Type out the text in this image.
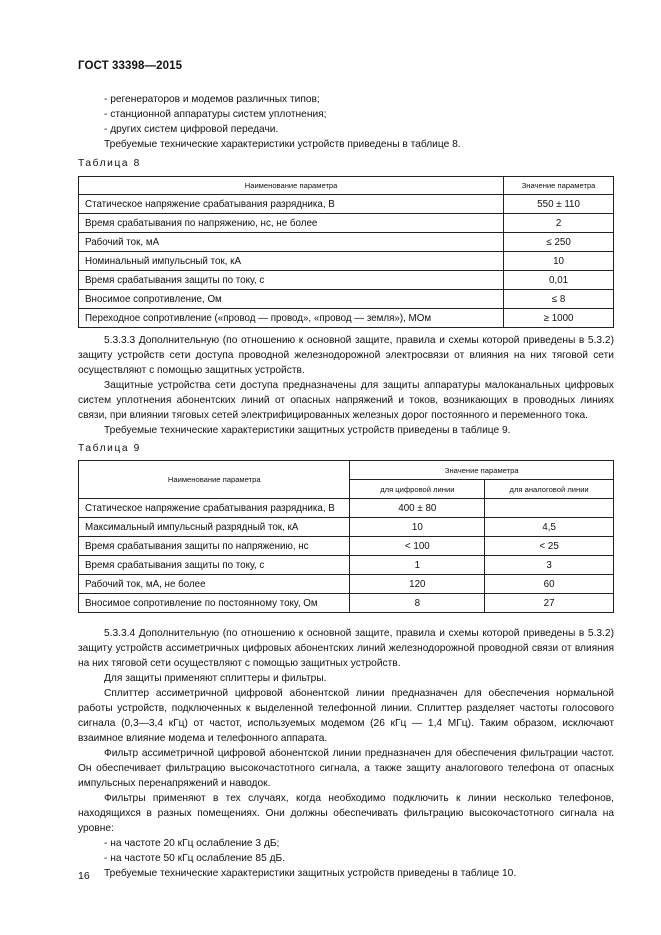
ГОСТ 33398—2015

- регенераторов и модемов различных типов;

- станционной аппаратуры систем уплотнения;

- других систем цифровой передачи.

Требуемые технические характеристики устройств приведены в таблице 8.

Таблица 8
Наименование параметра	Значение параметра
Статическое напряжение срабатывания разрядника, В	550 ± 110
Время срабатывания по напряжению, нс, не более	2
Рабочий ток, мА	≤ 250
Номинальный импульсный ток, кА	10
Время срабатывания защиты по току, с	0,01
Вносимое сопротивление, Ом	≤ 8
Переходное сопротивление («провод — провод», «провод — земля»), МОм	≥ 1000

5.3.3.3 Дополнительную (по отношению к основной защите, правила и схемы которой приведены в 5.3.2) защиту устройств сети доступа проводной железнодорожной электросвязи от влияния на них тяговой сети осуществляют с помощью защитных устройств.

Защитные устройства сети доступа предназначены для защиты аппаратуры малоканальных цифровых систем уплотнения абонентских линий от опасных напряжений и токов, возникающих в проводных линиях связи, при влиянии тяговых сетей электрифицированных железных дорог постоянного и переменного тока.

Требуемые технические характеристики защитных устройств приведены в таблице 9.

Таблица 9
Наименование параметра	Значение параметра	
	для цифровой линии	для аналоговой линии
Статическое напряжение срабатывания разрядника, В	400 ± 80	
Максимальный импульсный разрядный ток, кА	10	4,5
Время срабатывания защиты по напряжению, нс	< 100	< 25
Время срабатывания защиты по току, с	1	3
Рабочий ток, мА, не более	120	60
Вносимое сопротивление по постоянному току, Ом	8	27

5.3.3.4 Дополнительную (по отношению к основной защите, правила и схемы которой приведены в 5.3.2) защиту устройств ассиметричных цифровых абонентских линий железнодорожной проводной связи от влияния на них тяговой сети осуществляют с помощью защитных устройств.

Для защиты применяют сплиттеры и фильтры.

Сплиттер ассиметричной цифровой абонентской линии предназначен для обеспечения нормальной работы устройств, подключенных к выделенной телефонной линии. Сплиттер разделяет частоты голосового сигнала (0,3—3,4 кГц) от частот, используемых модемом (26 кГц — 1,4 МГц). Таким образом, исключают взаимное влияние модема и телефонного аппарата.

Фильтр ассиметричной цифровой абонентской линии предназначен для обеспечения фильтрации частот. Он обеспечивает фильтрацию высокочастотного сигнала, а также защиту аналогового телефона от опасных импульсных перенапряжений и наводок.

Фильтры применяют в тех случаях, когда необходимо подключить к линии несколько телефонов, находящихся в разных помещениях. Они должны обеспечивать фильтрацию высокочастотного сигнала на уровне:

- на частоте 20 кГц ослабление 3 дБ;

- на частоте 50 кГц ослабление 85 дБ.

Требуемые технические характеристики защитных устройств приведены в таблице 10.

16
